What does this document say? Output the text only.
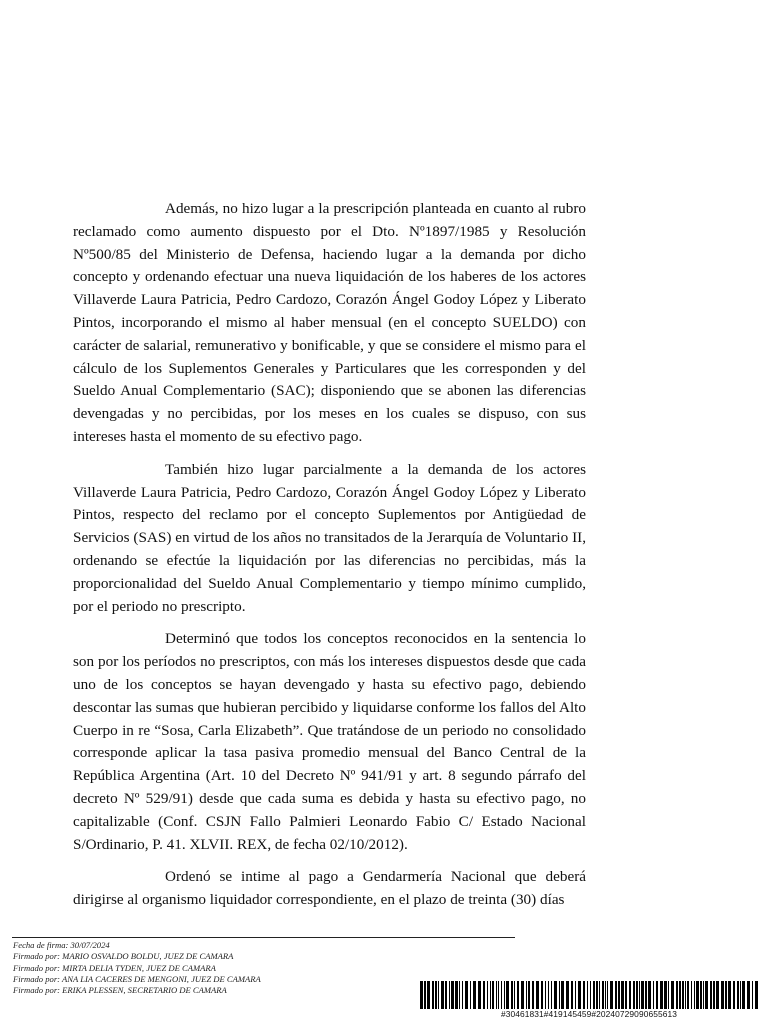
Además, no hizo lugar a la prescripción planteada en cuanto al rubro reclamado como aumento dispuesto por el Dto. Nº1897/1985 y Resolución Nº500/85 del Ministerio de Defensa, haciendo lugar a la demanda por dicho concepto y ordenando efectuar una nueva liquidación de los haberes de los actores Villaverde Laura Patricia, Pedro Cardozo, Corazón Ángel Godoy López y Liberato Pintos, incorporando el mismo al haber mensual (en el concepto SUELDO) con carácter de salarial, remunerativo y bonificable, y que se considere el mismo para el cálculo de los Suplementos Generales y Particulares que les corresponden y del Sueldo Anual Complementario (SAC); disponiendo que se abonen las diferencias devengadas y no percibidas, por los meses en los cuales se dispuso, con sus intereses hasta el momento de su efectivo pago.

También hizo lugar parcialmente a la demanda de los actores Villaverde Laura Patricia, Pedro Cardozo, Corazón Ángel Godoy López y Liberato Pintos, respecto del reclamo por el concepto Suplementos por Antigüedad de Servicios (SAS) en virtud de los años no transitados de la Jerarquía de Voluntario II, ordenando se efectúe la liquidación por las diferencias no percibidas, más la proporcionalidad del Sueldo Anual Complementario y tiempo mínimo cumplido, por el periodo no prescripto.

Determinó que todos los conceptos reconocidos en la sentencia lo son por los períodos no prescriptos, con más los intereses dispuestos desde que cada uno de los conceptos se hayan devengado y hasta su efectivo pago, debiendo descontar las sumas que hubieran percibido y liquidarse conforme los fallos del Alto Cuerpo in re “Sosa, Carla Elizabeth”. Que tratándose de un periodo no consolidado corresponde aplicar la tasa pasiva promedio mensual del Banco Central de la República Argentina (Art. 10 del Decreto Nº 941/91 y art. 8 segundo párrafo del decreto Nº 529/91) desde que cada suma es debida y hasta su efectivo pago, no capitalizable (Conf. CSJN Fallo Palmieri Leonardo Fabio C/ Estado Nacional S/Ordinario, P. 41. XLVII. REX, de fecha 02/10/2012).

Ordenó se intime al pago a Gendarmería Nacional que deberá dirigirse al organismo liquidador correspondiente, en el plazo de treinta (30) días

Fecha de firma: 30/07/2024
Firmado por: MARIO OSVALDO BOLDU, JUEZ DE CAMARA
Firmado por: MIRTA DELIA TYDEN, JUEZ DE CAMARA
Firmado por: ANA LIA CACERES DE MENGONI, JUEZ DE CAMARA
Firmado por: ERIKA PLESSEN, SECRETARIO DE CAMARA
#30461831#419145459#20240729090655613
